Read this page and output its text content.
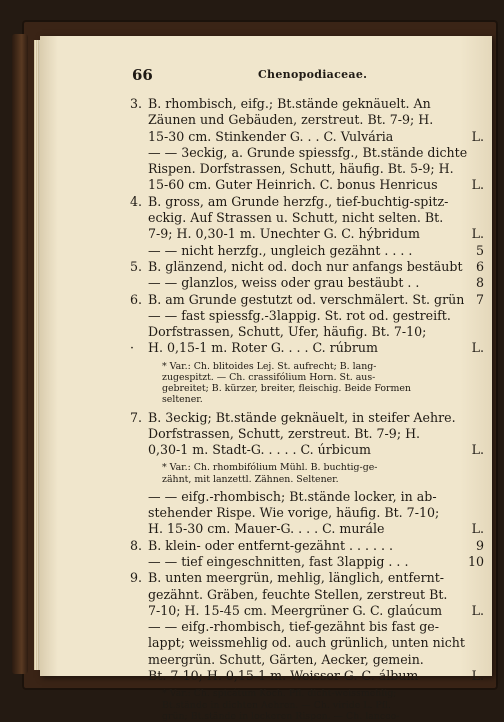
66	Chenopodiaceae.
3. B. rhombisch, eifg.; Bt.stände geknäuelt. An
Zäunen und Gebäuden, zerstreut. Bt. 7-9; H.
15-30 cm. Stinkender G. . . C. Vulvária	L.
— — 3eckig, a. Grunde spiessfg., Bt.stände dichte
Rispen. Dorfstrassen, Schutt, häufig. Bt. 5-9; H.
15-60 cm. Guter Heinrich. C. bonus Henricus	L.
4. B. gross, am Grunde herzfg., tief-buchtig-spitz-
eckig. Auf Strassen u. Schutt, nicht selten. Bt.
7-9; H. 0,30-1 m. Unechter G. C. hýbridum	L.
— — nicht herzfg., ungleich gezähnt . . . .	5
5. B. glänzend, nicht od. doch nur anfangs bestäubt 6
— — glanzlos, weiss oder grau bestäubt . .	8
6. B. am Grunde gestutzt od. verschmälert. St. grün 7
— — fast spiessfg.-3lappig. St. rot od. gestreift.
Dorfstrassen, Schutt, Ufer, häufig. Bt. 7-10;
· H. 0,15-1 m. Roter G. . . . C. rúbrum	L.
* Var.: Ch. blitoides Lej. St. aufrecht; B. lang-
zugespitzt. — Ch. crassifólium Horn. St. aus-
gebreitet; B. kürzer, breiter, fleischig. Beide Formen
seltener.
7. B. 3eckig; Bt.stände geknäuelt, in steifer Aehre.
Dorfstrassen, Schutt, zerstreut. Bt. 7-9; H.
0,30-1 m. Stadt-G. . . . . C. úrbicum	L.
* Var.: Ch. rhombifólium Mühl. B. buchtig-ge-
zähnt, mit lanzettl. Zähnen. Seltener.
— — eifg.-rhombisch; Bt.stände locker, in ab-
stehender Rispe. Wie vorige, häufig. Bt. 7-10;
H. 15-30 cm. Mauer-G. . . . C. murále	L.
8. B. klein- oder entfernt-gezähnt . . . . . .	9
— — tief eingeschnitten, fast 3lappig . . .	10
9. B. unten meergrün, mehlig, länglich, entfernt-
gezähnt. Gräben, feuchte Stellen, zerstreut Bt.
7-10; H. 15-45 cm. Meergrüner G. C. glaúcum L.
— — eifg.-rhombisch, tief-gezähnt bis fast ge-
lappt; weissmehlig od. auch grünlich, unten nicht
meergrün. Schutt, Gärten, Aecker, gemein.
Bt. 7-10; H. 0,15-1 m. Weisser G. C. álbum	L.
* Var.: Ch. spicátum Koch. Pfl. dicht-weissmehlig;
Bt.stände in dichten Aehren. — Ch. viride L. Pfl.
grün; Bt.stände in lockeren Rispen. — Ch. lanceo-
